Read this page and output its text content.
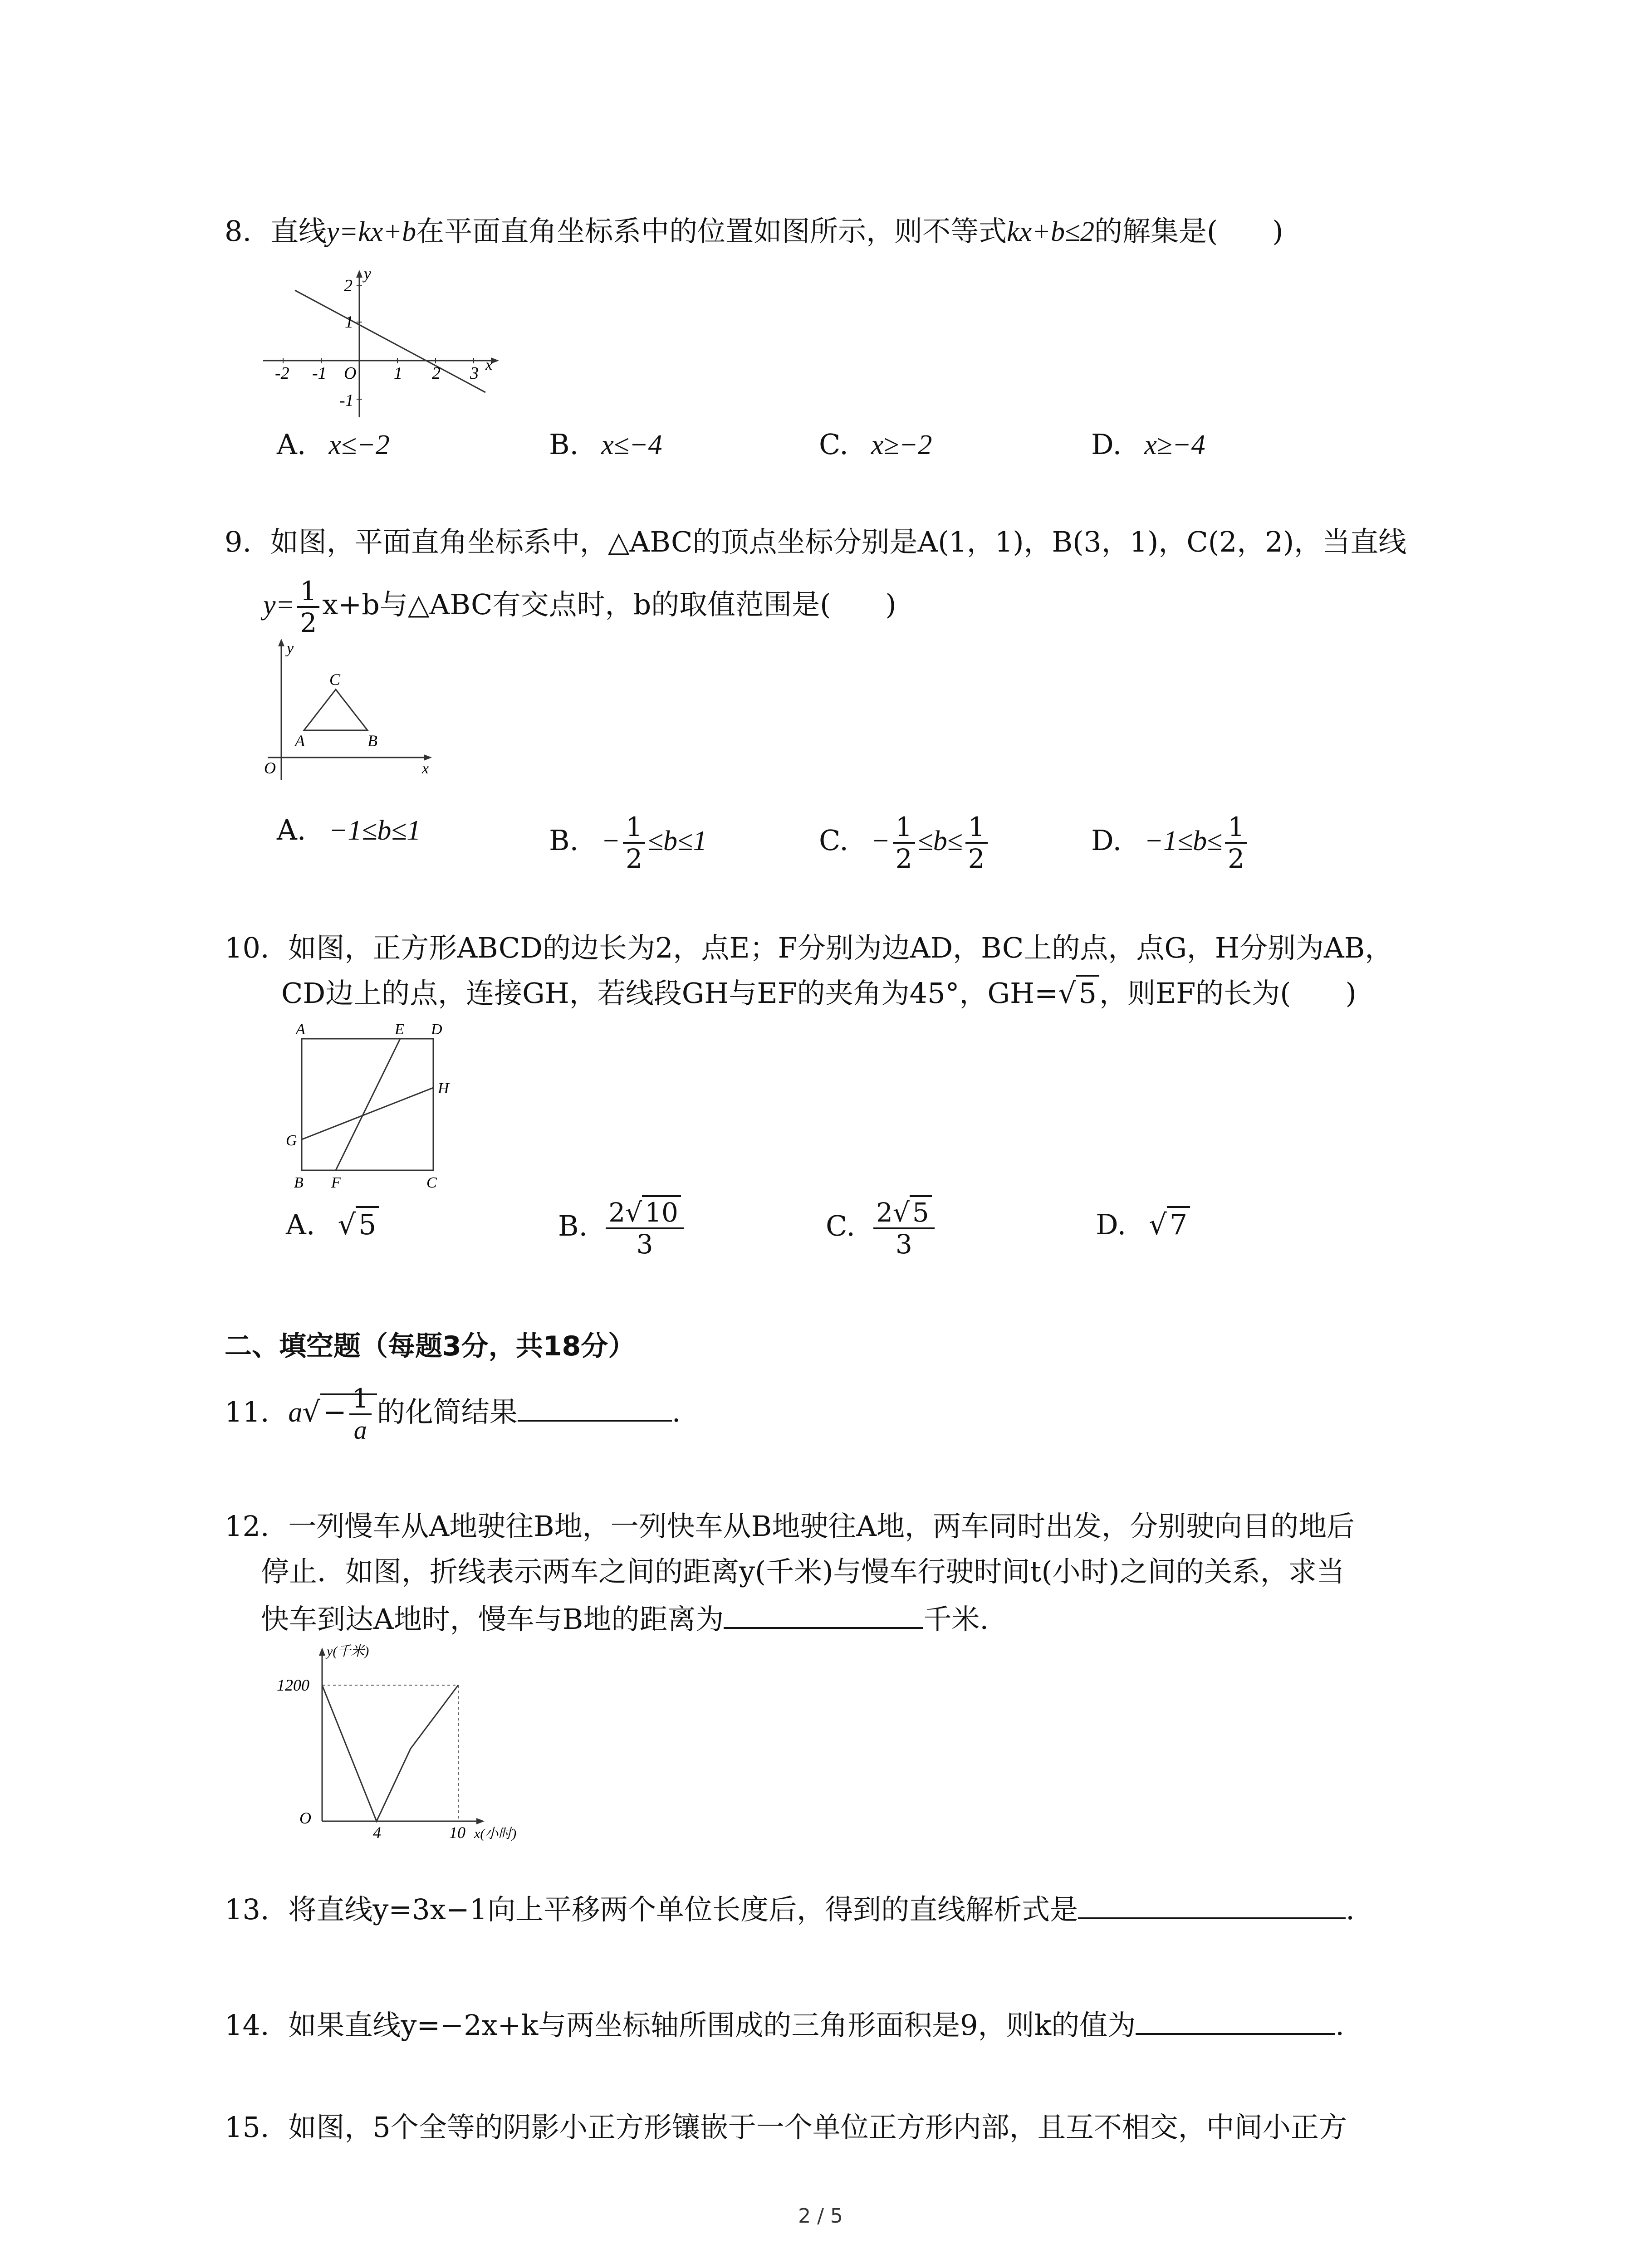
8. 直线y=kx+b在平面直角坐标系中的位置如图所示，则不等式kx+b≤2的解集是( )
y
2
1
O
-2 -1	1 2 3 x
-1
A. x≤−2	B. x≤−4	C. x≥−2	D. x≥−4
9. 如图，平面直角坐标系中，△ABC的顶点坐标分别是A(1，1)，B(3，1)，C(2，2)，当直线
$y= \frac{1}{2} x+b$与△ABC有交点时，b的取值范围是( )
y
C
A	B
O	x
A. −1≤b≤1	B. − $\frac{1}{2} \le b\le 1$	C. − $\frac{1}{2} \le b\le \frac{1}{2}$	D. $-1\le b\le \frac{1}{2}$
10. 如图，正方形ABCD的边长为2，点E；F分别为边AD，BC上的点，点G，H分别为AB，
CD边上的点，连接GH，若线段GH与EF的夹角为45°，GH=√5，则EF的长为( )
A	E D
H
G
B F	C
A. √5	B. $\frac{2√ 10}{3}$	C. $\frac{2√ 5}{3}$	D. √7
二、填空题（每题3分，共18分）
11. $a√- \frac{1}{a}$ 的化简结果	.
12. 一列慢车从A地驶往B地，一列快车从B地驶往A地，两车同时出发，分别驶向目的地后
停止．如图，折线表示两车之间的距离y(千米)与慢车行驶时间t(小时)之间的关系，求当
快车到达A地时，慢车与B地的距离为	千米.
y(千米)
1200
O
4	10 x(小时)
13. 将直线y=3x−1向上平移两个单位长度后，得到的直线解析式是	.
14. 如果直线y=−2x+k与两坐标轴所围成的三角形面积是9，则k的值为	.
15. 如图，5个全等的阴影小正方形镶嵌于一个单位正方形内部，且互不相交，中间小正方
2 / 5
